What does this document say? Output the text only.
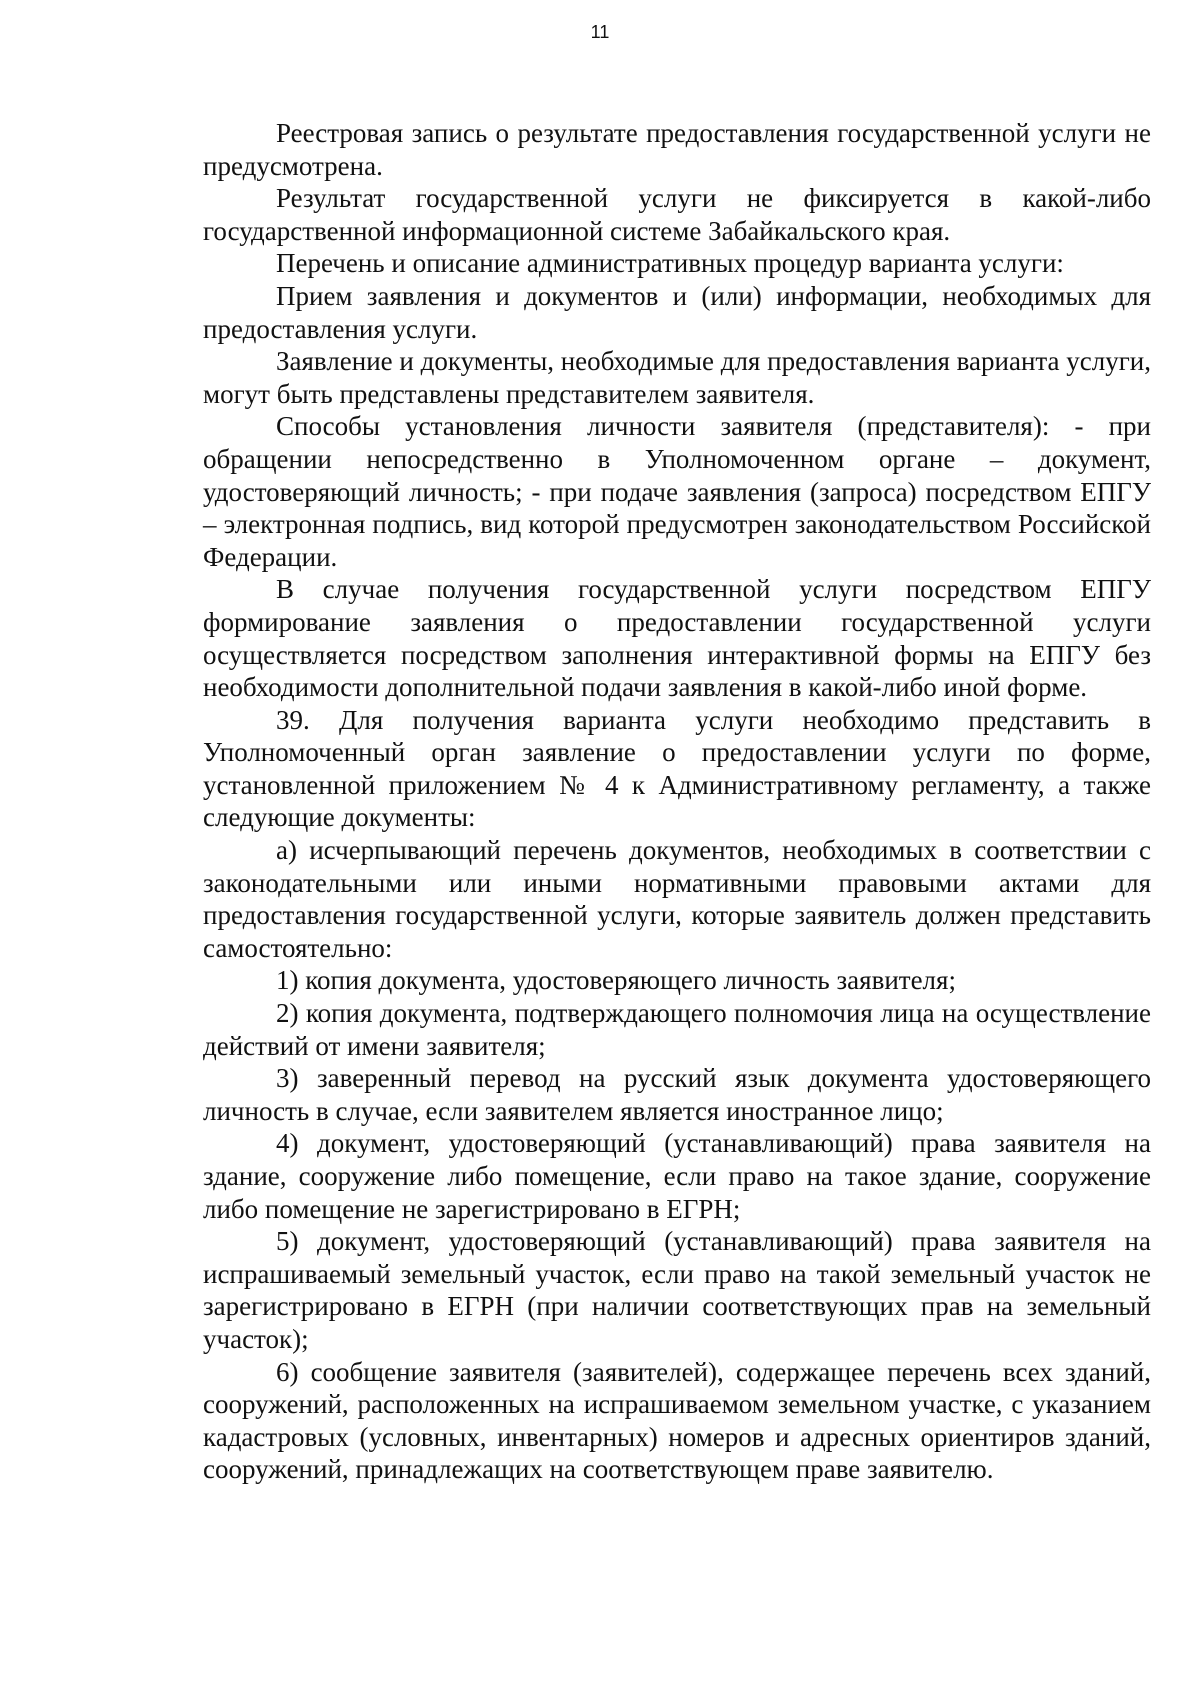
11

Реестровая запись о результате предоставления государственной услуги не предусмотрена.

Результат государственной услуги не фиксируется в какой-либо государственной информационной системе Забайкальского края.

Перечень и описание административных процедур варианта услуги:

Прием заявления и документов и (или) информации, необходимых для предоставления услуги.

Заявление и документы, необходимые для предоставления варианта услуги, могут быть представлены представителем заявителя.

Способы установления личности заявителя (представителя): - при обращении непосредственно в Уполномоченном органе – документ, удостоверяющий личность; - при подаче заявления (запроса) посредством ЕПГУ – электронная подпись, вид которой предусмотрен законодательством Российской Федерации.

В случае получения государственной услуги посредством ЕПГУ формирование заявления о предоставлении государственной услуги осуществляется посредством заполнения интерактивной формы на ЕПГУ без необходимости дополнительной подачи заявления в какой-либо иной форме.

39. Для получения варианта услуги необходимо представить в Уполномоченный орган заявление о предоставлении услуги по форме, установленной приложением № 4 к Административному регламенту, а также следующие документы:

а) исчерпывающий перечень документов, необходимых в соответствии с законодательными или иными нормативными правовыми актами для предоставления государственной услуги, которые заявитель должен представить самостоятельно:

1) копия документа, удостоверяющего личность заявителя;

2) копия документа, подтверждающего полномочия лица на осуществление действий от имени заявителя;

3) заверенный перевод на русский язык документа удостоверяющего личность в случае, если заявителем является иностранное лицо;

4) документ, удостоверяющий (устанавливающий) права заявителя на здание, сооружение либо помещение, если право на такое здание, сооружение либо помещение не зарегистрировано в ЕГРН;

5) документ, удостоверяющий (устанавливающий) права заявителя на испрашиваемый земельный участок, если право на такой земельный участок не зарегистрировано в ЕГРН (при наличии соответствующих прав на земельный участок);

6) сообщение заявителя (заявителей), содержащее перечень всех зданий, сооружений, расположенных на испрашиваемом земельном участке, с указанием кадастровых (условных, инвентарных) номеров и адресных ориентиров зданий, сооружений, принадлежащих на соответствующем праве заявителю.
